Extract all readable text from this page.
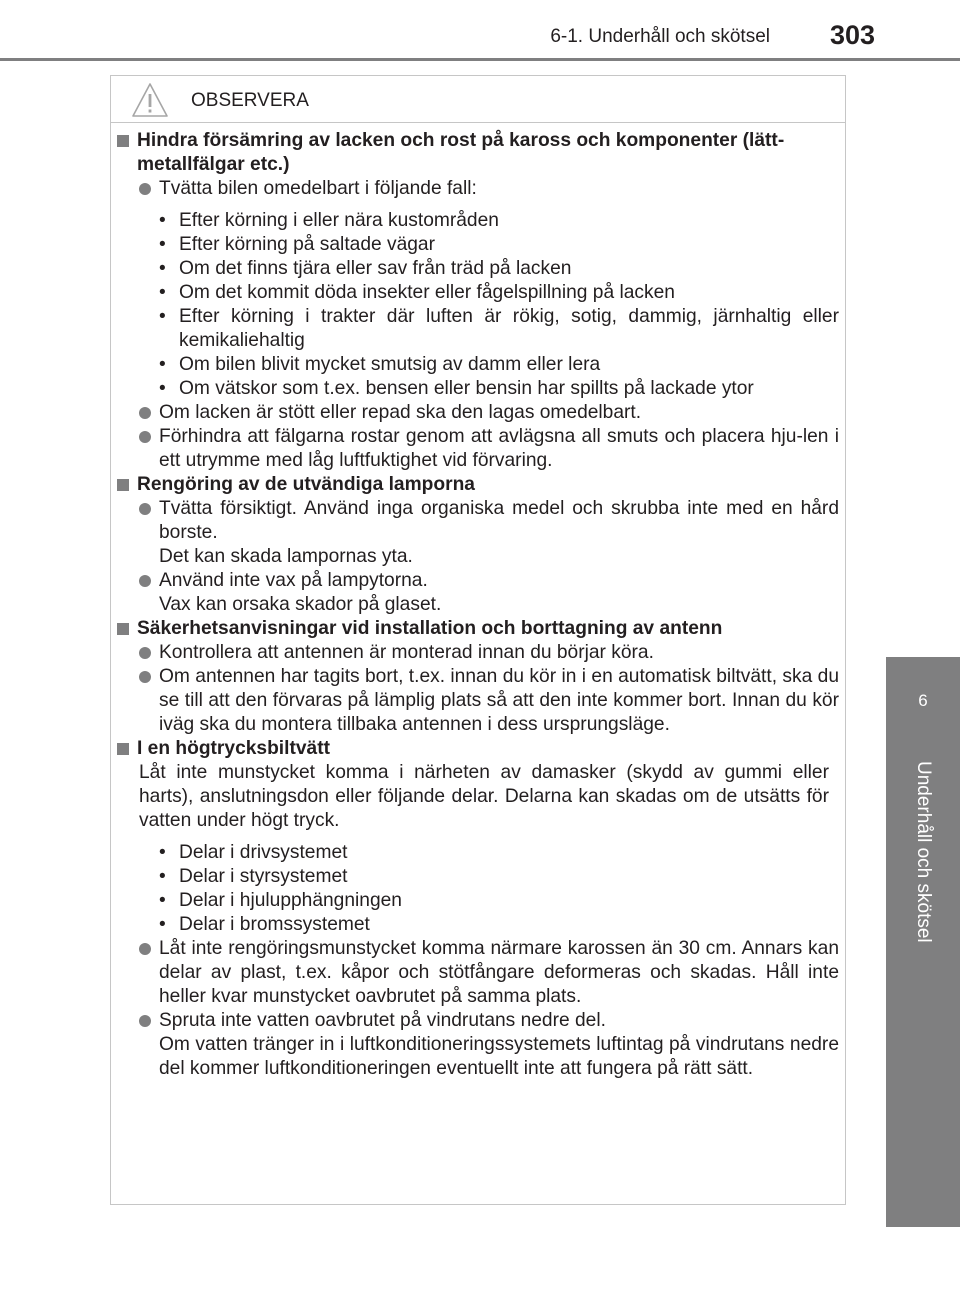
6-1. Underhåll och skötsel 303
6
Underhåll och skötsel
OBSERVERA

Hindra försämring av lacken och rost på kaross och komponenter (lätt-metallfälgar etc.)

Tvätta bilen omedelbart i följande fall:

• Efter körning i eller nära kustområden
• Efter körning på saltade vägar
• Om det finns tjära eller sav från träd på lacken
• Om det kommit döda insekter eller fågelspillning på lacken
• Efter körning i trakter där luften är rökig, sotig, dammig, järnhaltig eller kemikaliehaltig
• Om bilen blivit mycket smutsig av damm eller lera
• Om vätskor som t.ex. bensen eller bensin har spillts på lackade ytor

Om lacken är stött eller repad ska den lagas omedelbart.

Förhindra att fälgarna rostar genom att avlägsna all smuts och placera hju-len i ett utrymme med låg luftfuktighet vid förvaring.

Rengöring av de utvändiga lamporna

Tvätta försiktigt. Använd inga organiska medel och skrubba inte med en hård borste.
Det kan skada lampornas yta.

Använd inte vax på lampytorna.
Vax kan orsaka skador på glaset.

Säkerhetsanvisningar vid installation och borttagning av antenn

Kontrollera att antennen är monterad innan du börjar köra.

Om antennen har tagits bort, t.ex. innan du kör in i en automatisk biltvätt, ska du se till att den förvaras på lämplig plats så att den inte kommer bort. Innan du kör iväg ska du montera tillbaka antennen i dess ursprungsläge.

I en högtrycksbiltvätt

Låt inte munstycket komma i närheten av damasker (skydd av gummi eller harts), anslutningsdon eller följande delar. Delarna kan skadas om de utsätts för vatten under högt tryck.

• Delar i drivsystemet
• Delar i styrsystemet
• Delar i hjulupphängningen
• Delar i bromssystemet

Låt inte rengöringsmunstycket komma närmare karossen än 30 cm. Annars kan delar av plast, t.ex. kåpor och stötfångare deformeras och skadas. Håll inte heller kvar munstycket oavbrutet på samma plats.

Spruta inte vatten oavbrutet på vindrutans nedre del.
Om vatten tränger in i luftkonditioneringssystemets luftintag på vindrutans nedre del kommer luftkonditioneringen eventuellt inte att fungera på rätt sätt.
